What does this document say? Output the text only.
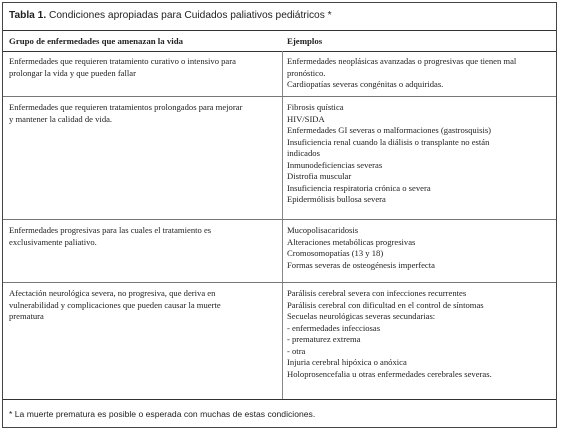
Tabla 1. Condiciones apropiadas para Cuidados paliativos pediátricos *
Grupo de enfermedades que amenazan la vida	Ejemplos
Enfermedades que requieren tratamiento curativo o intensivo para
prolongar la vida y que pueden fallar
Enfermedades neoplásicas avanzadas o progresivas que tienen mal
pronóstico.
Cardiopatías severas congénitas o adquiridas.
Enfermedades que requieren tratamientos prolongados para mejorar
y mantener la calidad de vida.
Fibrosis quística
HIV/SIDA
Enfermedades GI severas o malformaciones (gastrosquisis)
Insuficiencia renal cuando la diálisis o transplante no están
indicados
Inmunodeficiencias severas
Distrofia muscular
Insuficiencia respiratoria crónica o severa
Epidermólisis bullosa severa
Enfermedades progresivas para las cuales el tratamiento es
exclusivamente paliativo.
Mucopolisacaridosis
Alteraciones metabólicas progresivas
Cromosomopatías (13 y 18)
Formas severas de osteogénesis imperfecta
Afectación neurológica severa, no progresiva, que deriva en
vulnerabilidad y complicaciones que pueden causar la muerte
prematura
Parálisis cerebral severa con infecciones recurrentes
Parálisis cerebral con dificultad en el control de síntomas
Secuelas neurológicas severas secundarias:
- enfermedades infecciosas
- prematurez extrema
- otra
Injuria cerebral hipóxica o anóxica
Holoprosencefalia u otras enfermedades cerebrales severas.
* La muerte prematura es posible o esperada con muchas de estas condiciones.
